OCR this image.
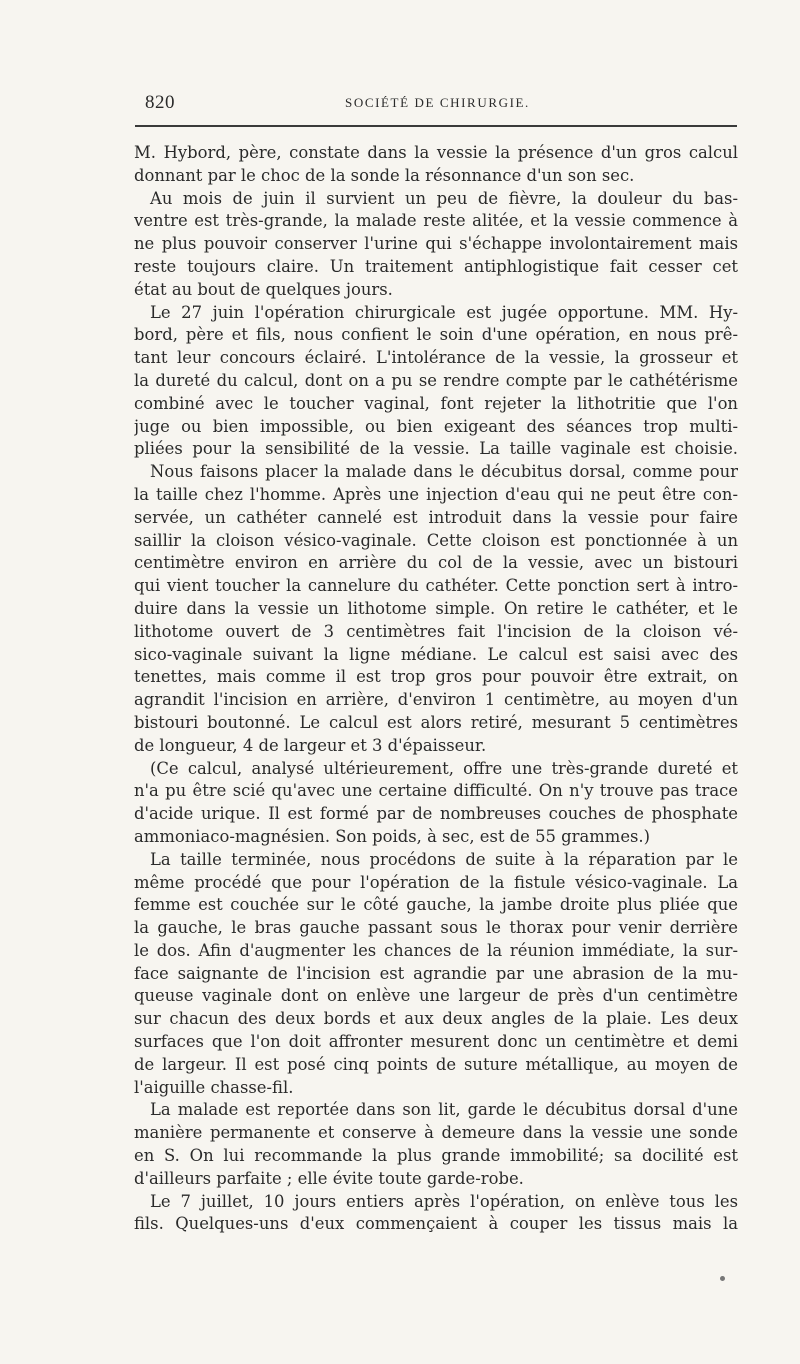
820	SOCIÉTÉ DE CHIRURGIE.
M. Hybord, père, constate dans la vessie la présence d'un gros calcul
donnant par le choc de la sonde la résonnance d'un son sec.
Au mois de juin il survient un peu de fièvre, la douleur du bas-
ventre est très-grande, la malade reste alitée, et la vessie commence à
ne plus pouvoir conserver l'urine qui s'échappe involontairement mais
reste toujours claire. Un traitement antiphlogistique fait cesser cet
état au bout de quelques jours.
Le 27 juin l'opération chirurgicale est jugée opportune. MM. Hy-
bord, père et fils, nous confient le soin d'une opération, en nous prê-
tant leur concours éclairé. L'intolérance de la vessie, la grosseur et
la dureté du calcul, dont on a pu se rendre compte par le cathétérisme
combiné avec le toucher vaginal, font rejeter la lithotritie que l'on
juge ou bien impossible, ou bien exigeant des séances trop multi-
pliées pour la sensibilité de la vessie. La taille vaginale est choisie.
Nous faisons placer la malade dans le décubitus dorsal, comme pour
la taille chez l'homme. Après une injection d'eau qui ne peut être con-
servée, un cathéter cannelé est introduit dans la vessie pour faire
saillir la cloison vésico-vaginale. Cette cloison est ponctionnée à un
centimètre environ en arrière du col de la vessie, avec un bistouri
qui vient toucher la cannelure du cathéter. Cette ponction sert à intro-
duire dans la vessie un lithotome simple. On retire le cathéter, et le
lithotome ouvert de 3 centimètres fait l'incision de la cloison vé-
sico-vaginale suivant la ligne médiane. Le calcul est saisi avec des
tenettes, mais comme il est trop gros pour pouvoir être extrait, on
agrandit l'incision en arrière, d'environ 1 centimètre, au moyen d'un
bistouri boutonné. Le calcul est alors retiré, mesurant 5 centimètres
de longueur, 4 de largeur et 3 d'épaisseur.
(Ce calcul, analysé ultérieurement, offre une très-grande dureté et
n'a pu être scié qu'avec une certaine difficulté. On n'y trouve pas trace
d'acide urique. Il est formé par de nombreuses couches de phosphate
ammoniaco-magnésien. Son poids, à sec, est de 55 grammes.)
La taille terminée, nous procédons de suite à la réparation par le
même procédé que pour l'opération de la fistule vésico-vaginale. La
femme est couchée sur le côté gauche, la jambe droite plus pliée que
la gauche, le bras gauche passant sous le thorax pour venir derrière
le dos. Afin d'augmenter les chances de la réunion immédiate, la sur-
face saignante de l'incision est agrandie par une abrasion de la mu-
queuse vaginale dont on enlève une largeur de près d'un centimètre
sur chacun des deux bords et aux deux angles de la plaie. Les deux
surfaces que l'on doit affronter mesurent donc un centimètre et demi
de largeur. Il est posé cinq points de suture métallique, au moyen de
l'aiguille chasse-fil.
La malade est reportée dans son lit, garde le décubitus dorsal d'une
manière permanente et conserve à demeure dans la vessie une sonde
en S. On lui recommande la plus grande immobilité; sa docilité est
d'ailleurs parfaite ; elle évite toute garde-robe.
Le 7 juillet, 10 jours entiers après l'opération, on enlève tous les
fils. Quelques-uns d'eux commençaient à couper les tissus mais la
